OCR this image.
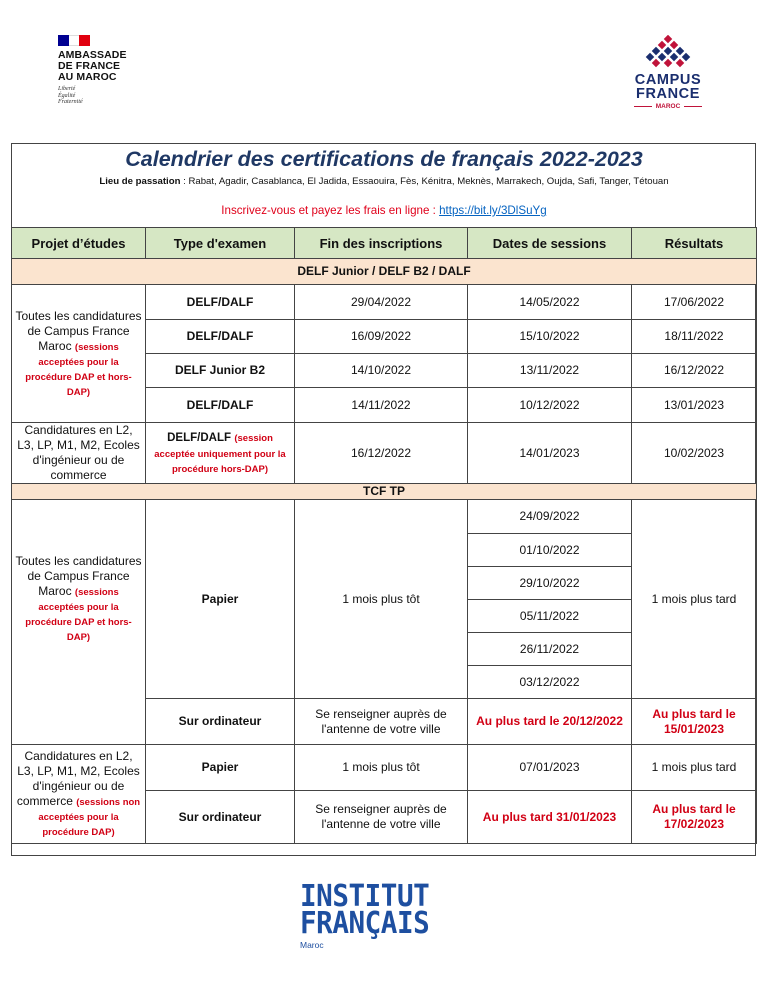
AMBASSADE
DE FRANCE
AU MAROC
Liberté
Égalité
Fraternité
CAMPUS
FRANCE
MAROC
Calendrier des certifications de français 2022-2023
Lieu de passation : Rabat, Agadir, Casablanca, El Jadida, Essaouira, Fès, Kénitra, Meknès, Marrakech, Oujda, Safi, Tanger, Tétouan
Inscrivez-vous et payez les frais en ligne : https://bit.ly/3DlSuYg
Projet d’études	Type d'examen	Fin des inscriptions	Dates de sessions	Résultats
DELF Junior / DELF B2 / DALF				
Toutes les candidatures de Campus France Maroc (sessions acceptées pour la procédure DAP et hors-DAP)	DELF/DALF	29/04/2022	14/05/2022	17/06/2022
	DELF/DALF	16/09/2022	15/10/2022	18/11/2022
	DELF Junior B2	14/10/2022	13/11/2022	16/12/2022
	DELF/DALF	14/11/2022	10/12/2022	13/01/2023
Candidatures en L2, L3, LP, M1, M2, Ecoles d'ingénieur ou de commerce	DELF/DALF (session acceptée uniquement pour la procédure hors-DAP)	16/12/2022	14/01/2023	10/02/2023
TCF TP				
Toutes les candidatures de Campus France Maroc (sessions acceptées pour la procédure DAP et hors-DAP)	Papier	1 mois plus tôt	24/09/2022	1 mois plus tard
			01/10/2022	
			29/10/2022	
			05/11/2022	
			26/11/2022	
			03/12/2022	
	Sur ordinateur	Se renseigner auprès de l'antenne de votre ville	Au plus tard le 20/12/2022	Au plus tard le 15/01/2023
Candidatures en L2, L3, LP, M1, M2, Ecoles d'ingénieur ou de commerce (sessions non acceptées pour la procédure DAP)	Papier	1 mois plus tôt	07/01/2023	1 mois plus tard
	Sur ordinateur	Se renseigner auprès de l'antenne de votre ville	Au plus tard 31/01/2023	Au plus tard le 17/02/2023
INSTITUT
FRANÇAIS
Maroc
